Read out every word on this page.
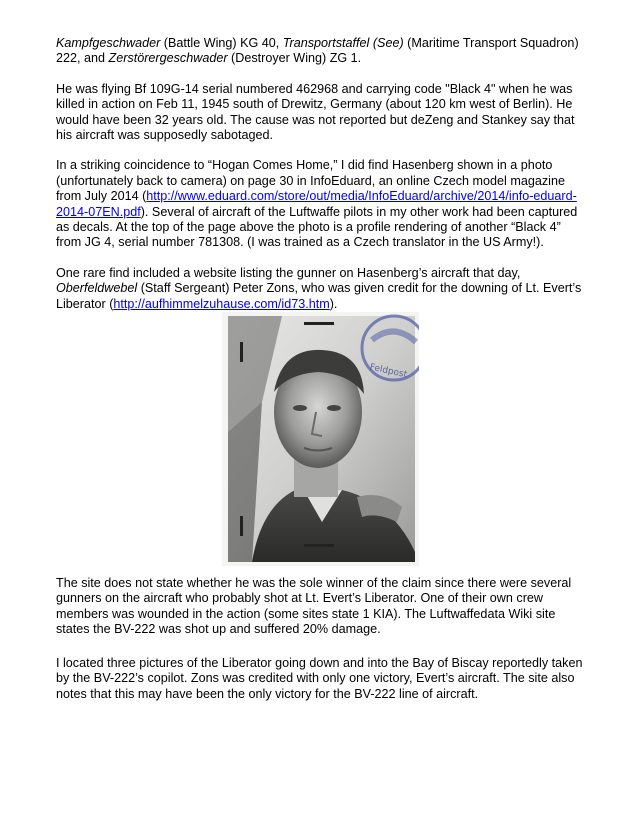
Kampfgeschwader (Battle Wing) KG 40, Transportstaffel (See) (Maritime Transport Squadron) 222, and Zerstörergeschwader (Destroyer Wing) ZG 1.

He was flying Bf 109G-14 serial numbered 462968 and carrying code "Black 4" when he was killed in action on Feb 11, 1945 south of Drewitz, Germany (about 120 km west of Berlin). He would have been 32 years old. The cause was not reported but deZeng and Stankey say that his aircraft was supposedly sabotaged.

In a striking coincidence to “Hogan Comes Home,” I did find Hasenberg shown in a photo (unfortunately back to camera) on page 30 in InfoEduard, an online Czech model magazine from July 2014 (http://www.eduard.com/store/out/media/InfoEduard/archive/2014/info-eduard-2014-07EN.pdf). Several of aircraft of the Luftwaffe pilots in my other work had been captured as decals. At the top of the page above the photo is a profile rendering of another “Black 4” from JG 4, serial number 781308. (I was trained as a Czech translator in the US Army!).

One rare find included a website listing the gunner on Hasenberg’s aircraft that day, Oberfeldwebel (Staff Sergeant) Peter Zons, who was given credit for the downing of Lt. Evert’s Liberator (http://aufhimmelzuhause.com/id73.htm).

Feldpost

The site does not state whether he was the sole winner of the claim since there were several gunners on the aircraft who probably shot at Lt. Evert’s Liberator. One of their own crew members was wounded in the action (some sites state 1 KIA). The Luftwaffedata Wiki site states the BV-222 was shot up and suffered 20% damage.

I located three pictures of the Liberator going down and into the Bay of Biscay reportedly taken by the BV-222’s copilot. Zons was credited with only one victory, Evert’s aircraft. The site also notes that this may have been the only victory for the BV-222 line of aircraft.
